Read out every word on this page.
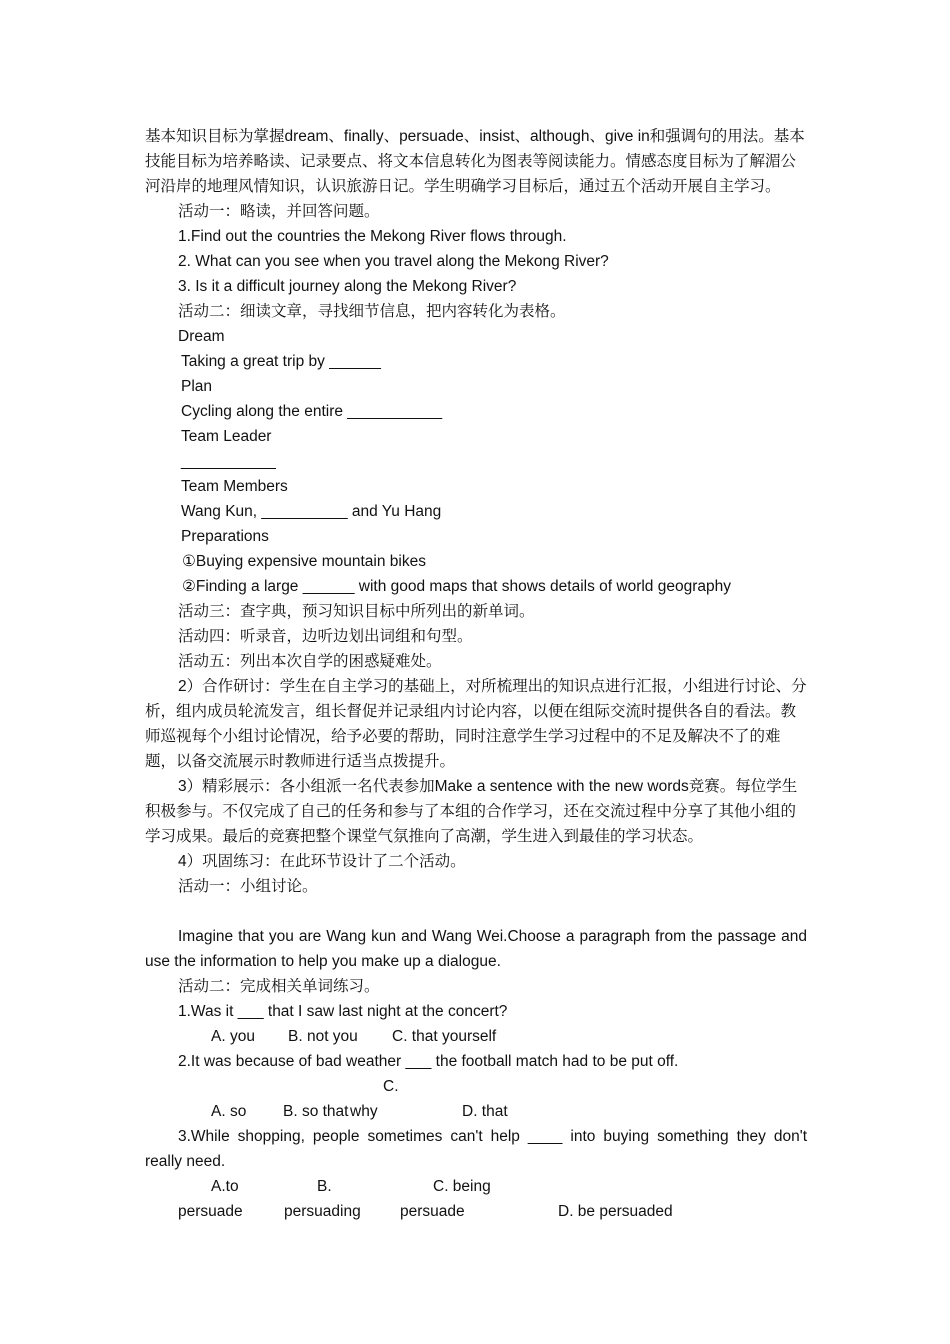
基本知识目标为掌握dream、finally、persuade、insist、although、give in和强调句的用法。基本技能目标为培养略读、记录要点、将文本信息转化为图表等阅读能力。情感态度目标为了解湄公河沿岸的地理风情知识，认识旅游日记。学生明确学习目标后，通过五个活动开展自主学习。

活动一：略读，并回答问题。

1.Find out the countries the Mekong River flows through.

2. What can you see when you travel along the Mekong River?

3. Is it a difficult journey along the Mekong River?

活动二：细读文章，寻找细节信息，把内容转化为表格。

Dream

Taking a great trip by ______

Plan

Cycling along the entire ___________

Team Leader

___________

Team Members

Wang Kun, __________ and Yu Hang

Preparations

①Buying expensive mountain bikes

②Finding a large ______ with good maps that shows details of world geography

活动三：查字典，预习知识目标中所列出的新单词。

活动四：听录音，边听边划出词组和句型。

活动五：列出本次自学的困惑疑难处。

2）合作研讨：学生在自主学习的基础上，对所梳理出的知识点进行汇报，小组进行讨论、分析，组内成员轮流发言，组长督促并记录组内讨论内容，以便在组际交流时提供各自的看法。教师巡视每个小组讨论情况，给予必要的帮助，同时注意学生学习过程中的不足及解决不了的难题，以备交流展示时教师进行适当点拨提升。

3）精彩展示：各小组派一名代表参加Make a sentence with the new words竞赛。每位学生积极参与。不仅完成了自己的任务和参与了本组的合作学习，还在交流过程中分享了其他小组的学习成果。最后的竞赛把整个课堂气氛推向了高潮，学生进入到最佳的学习状态。

4）巩固练习：在此环节设计了二个活动。

活动一：小组讨论。

Imagine that you are Wang kun and Wang Wei.Choose a paragraph from the passage and use the information to help you make up a dialogue.

活动二：完成相关单词练习。

1.Was it ___ that I saw last night at the concert?

A. you B. not you C. that yourself

2.It was because of bad weather ___ the football match had to be put off.

A. so B. so thatC. why	D. that

3.While shopping, people sometimes can't help ____ into buying something they don't really need.

A.to persuadeB. persuadingC. being persuade	D. be persuaded
